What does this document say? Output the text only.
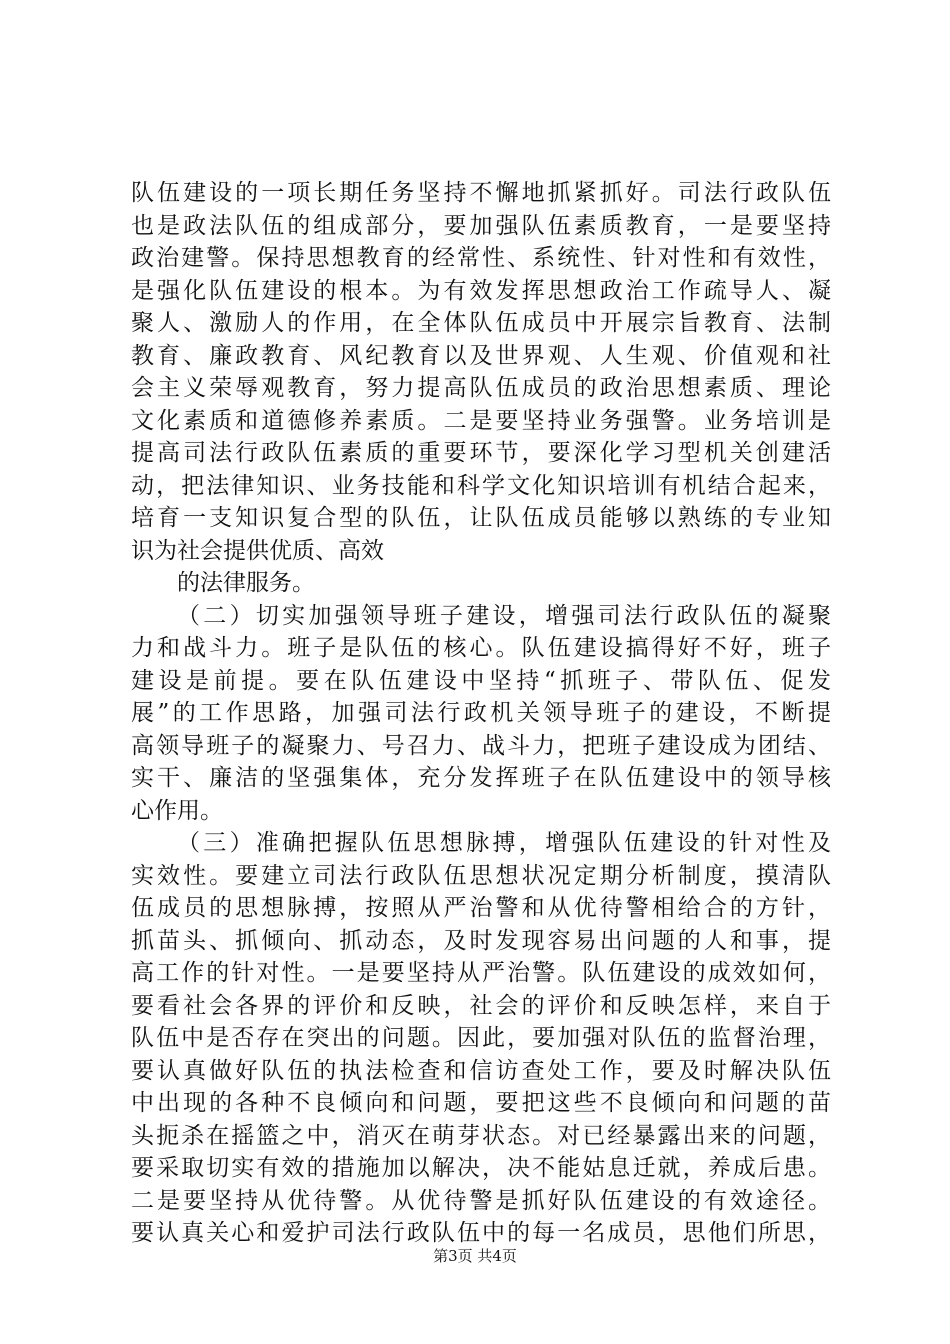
队伍建设的一项长期任务坚持不懈地抓紧抓好。司法行政队伍
也是政法队伍的组成部分，要加强队伍素质教育，一是要坚持
政治建警。保持思想教育的经常性、系统性、针对性和有效性，
是强化队伍建设的根本。为有效发挥思想政治工作疏导人、凝
聚人、激励人的作用，在全体队伍成员中开展宗旨教育、法制
教育、廉政教育、风纪教育以及世界观、人生观、价值观和社
会主义荣辱观教育，努力提高队伍成员的政治思想素质、理论
文化素质和道德修养素质。二是要坚持业务强警。业务培训是
提高司法行政队伍素质的重要环节，要深化学习型机关创建活
动，把法律知识、业务技能和科学文化知识培训有机结合起来，
培育一支知识复合型的队伍，让队伍成员能够以熟练的专业知
识为社会提供优质、高效
的法律服务。
（二）切实加强领导班子建设，增强司法行政队伍的凝聚
力和战斗力。班子是队伍的核心。队伍建设搞得好不好，班子
建设是前提。要在队伍建设中坚持“抓班子、带队伍、促发
展”的工作思路，加强司法行政机关领导班子的建设，不断提
高领导班子的凝聚力、号召力、战斗力，把班子建设成为团结、
实干、廉洁的坚强集体，充分发挥班子在队伍建设中的领导核
心作用。
（三）准确把握队伍思想脉搏，增强队伍建设的针对性及
实效性。要建立司法行政队伍思想状况定期分析制度，摸清队
伍成员的思想脉搏，按照从严治警和从优待警相给合的方针，
抓苗头、抓倾向、抓动态，及时发现容易出问题的人和事，提
高工作的针对性。一是要坚持从严治警。队伍建设的成效如何，
要看社会各界的评价和反映，社会的评价和反映怎样，来自于
队伍中是否存在突出的问题。因此，要加强对队伍的监督治理，
要认真做好队伍的执法检查和信访查处工作，要及时解决队伍
中出现的各种不良倾向和问题，要把这些不良倾向和问题的苗
头扼杀在摇篮之中，消灭在萌芽状态。对已经暴露出来的问题，
要采取切实有效的措施加以解决，决不能姑息迁就，养成后患。
二是要坚持从优待警。从优待警是抓好队伍建设的有效途径。
要认真关心和爱护司法行政队伍中的每一名成员，思他们所思，
第3页 共4页
